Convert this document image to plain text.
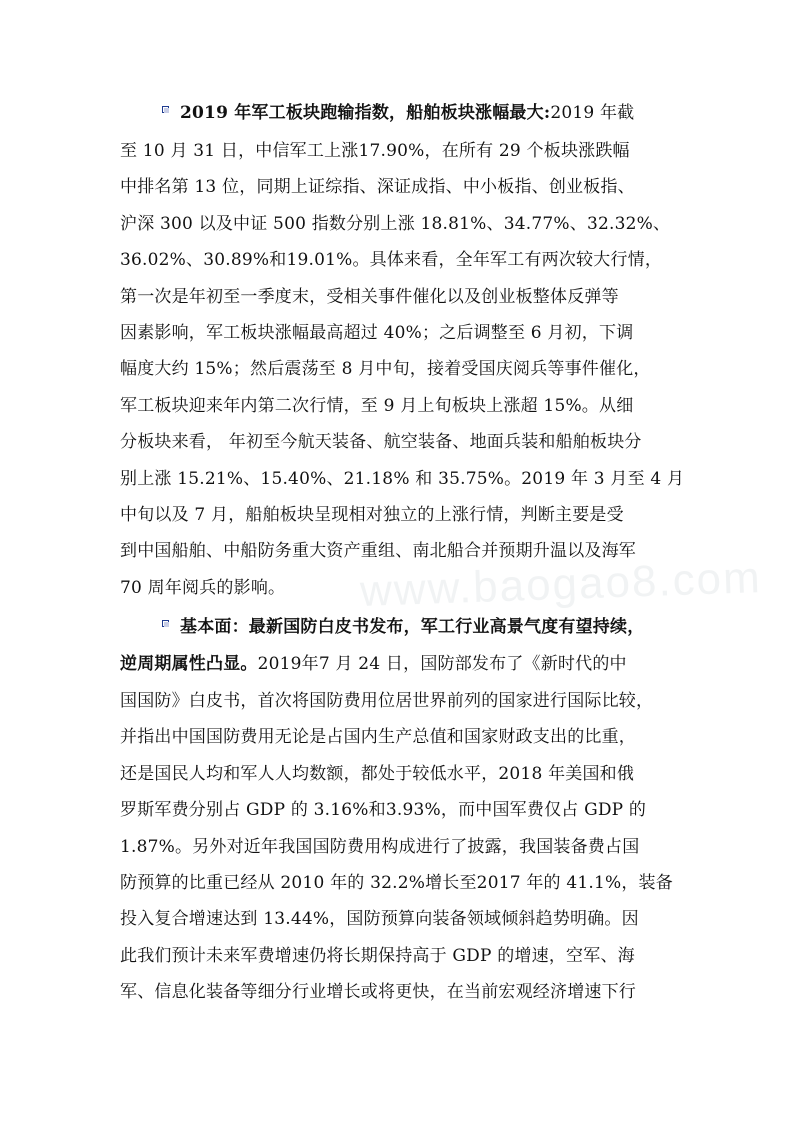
www.baogao8.com
2019 年军工板块跑输指数，船舶板块涨幅最大:2019 年截
至 10 月 31 日，中信军工上涨17.90%，在所有 29 个板块涨跌幅
中排名第 13 位，同期上证综指、深证成指、中小板指、创业板指、
沪深 300 以及中证 500 指数分别上涨 18.81%、34.77%、32.32%、
36.02%、30.89%和19.01%。具体来看，全年军工有两次较大行情，
第一次是年初至一季度末，受相关事件催化以及创业板整体反弹等
因素影响，军工板块涨幅最高超过 40%；之后调整至 6 月初，下调
幅度大约 15%；然后震荡至 8 月中旬，接着受国庆阅兵等事件催化，
军工板块迎来年内第二次行情，至 9 月上旬板块上涨超 15%。从细
分板块来看， 年初至今航天装备、航空装备、地面兵装和船舶板块分
别上涨 15.21%、15.40%、21.18% 和 35.75%。2019 年 3 月至 4 月
中旬以及 7 月，船舶板块呈现相对独立的上涨行情，判断主要是受
到中国船舶、中船防务重大资产重组、南北船合并预期升温以及海军
70 周年阅兵的影响。
基本面：最新国防白皮书发布，军工行业高景气度有望持续，
逆周期属性凸显。2019年7 月 24 日，国防部发布了《新时代的中
国国防》白皮书，首次将国防费用位居世界前列的国家进行国际比较，
并指出中国国防费用无论是占国内生产总值和国家财政支出的比重，
还是国民人均和军人人均数额，都处于较低水平，2018 年美国和俄
罗斯军费分别占 GDP 的 3.16%和3.93%，而中国军费仅占 GDP 的
1.87%。另外对近年我国国防费用构成进行了披露，我国装备费占国
防预算的比重已经从 2010 年的 32.2%增长至2017 年的 41.1%，装备
投入复合增速达到 13.44%，国防预算向装备领域倾斜趋势明确。因
此我们预计未来军费增速仍将长期保持高于 GDP 的增速，空军、海
军、信息化装备等细分行业增长或将更快，在当前宏观经济增速下行
